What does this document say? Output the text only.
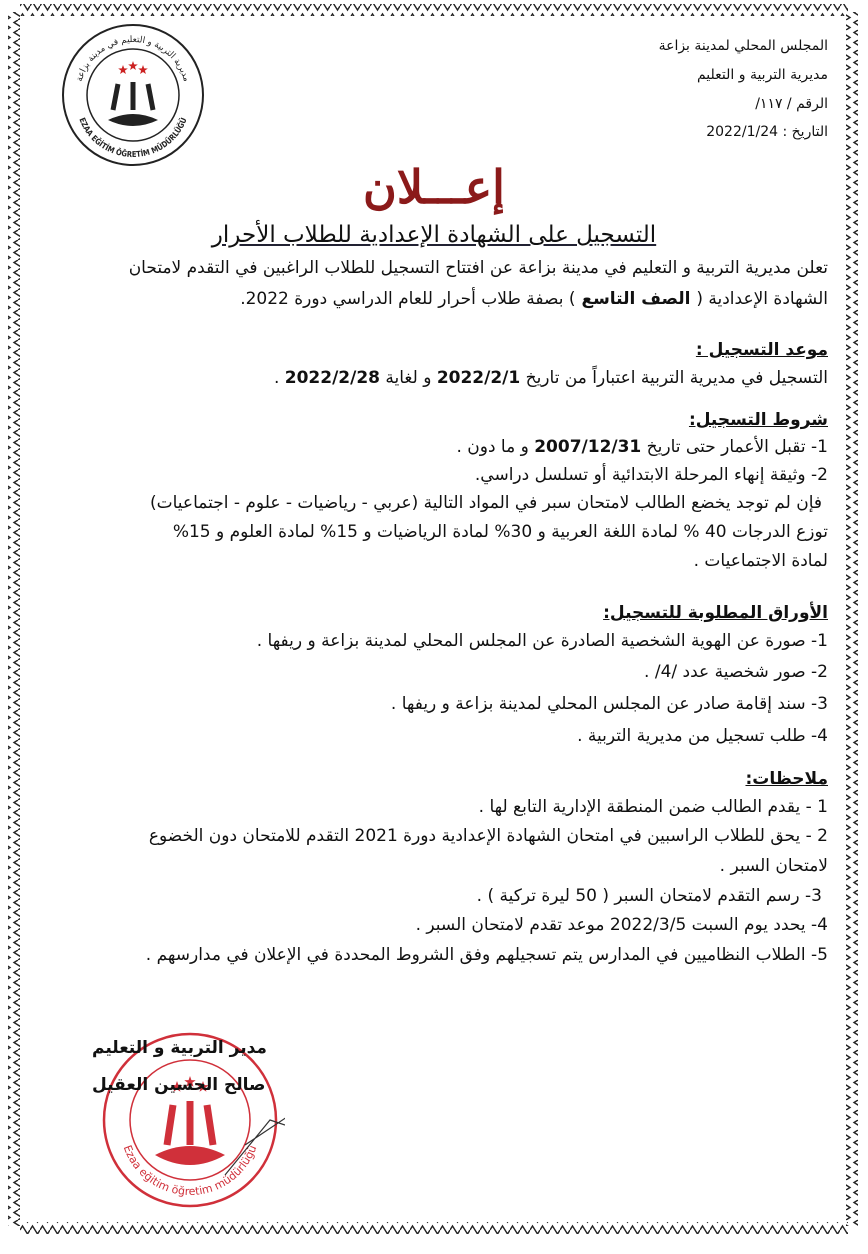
مديرية التربية و التعليم في مدينة بزاعة
EZAA EĞİTİM ÖĞRETİM MÜDÜRLÜĞÜ
المجلس المحلي لمدينة بزاعة
مديرية التربية و التعليم
الرقم / ١١٧/
التاريخ : 2022/1/24
إعـــلان
التسجيل على الشهادة الإعدادية للطلاب الأحرار
تعلن مديرية التربية و التعليم في مدينة بزاعة عن افتتاح التسجيل للطلاب الراغبين في التقدم لامتحان
الشهادة الإعدادية ( الصف التاسع ) بصفة طلاب أحرار للعام الدراسي دورة 2022.
موعد التسجيل :
التسجيل في مديرية التربية اعتباراً من تاريخ 2022/2/1 و لغاية 2022/2/28 .
شروط التسجيل:
1- تقبل الأعمار حتى تاريخ 2007/12/31 و ما دون .
2- وثيقة إنهاء المرحلة الابتدائية أو تسلسل دراسي.
فإن لم توجد يخضع الطالب لامتحان سبر في المواد التالية (عربي - رياضيات - علوم - اجتماعيات)
توزع الدرجات 40 % لمادة اللغة العربية و 30% لمادة الرياضيات و 15% لمادة العلوم و 15%
لمادة الاجتماعيات .
الأوراق المطلوبة للتسجيل:
1- صورة عن الهوية الشخصية الصادرة عن المجلس المحلي لمدينة بزاعة و ريفها .
2- صور شخصية عدد /4/ .
3- سند إقامة صادر عن المجلس المحلي لمدينة بزاعة و ريفها .
4- طلب تسجيل من مديرية التربية .
ملاحظات:
1 - يقدم الطالب ضمن المنطقة الإدارية التابع لها .
2 - يحق للطلاب الراسبين في امتحان الشهادة الإعدادية دورة 2021 التقدم للامتحان دون الخضوع
لامتحان السبر .
3- رسم التقدم لامتحان السبر ( 50 ليرة تركية ) .
4- يحدد يوم السبت 2022/3/5 موعد تقدم لامتحان السبر .
5- الطلاب النظاميين في المدارس يتم تسجيلهم وفق الشروط المحددة في الإعلان في مدارسهم .
Ezaa eğitim öğretim müdürlüğü
مدير التربية و التعليم
صالح الحسين العقيل
